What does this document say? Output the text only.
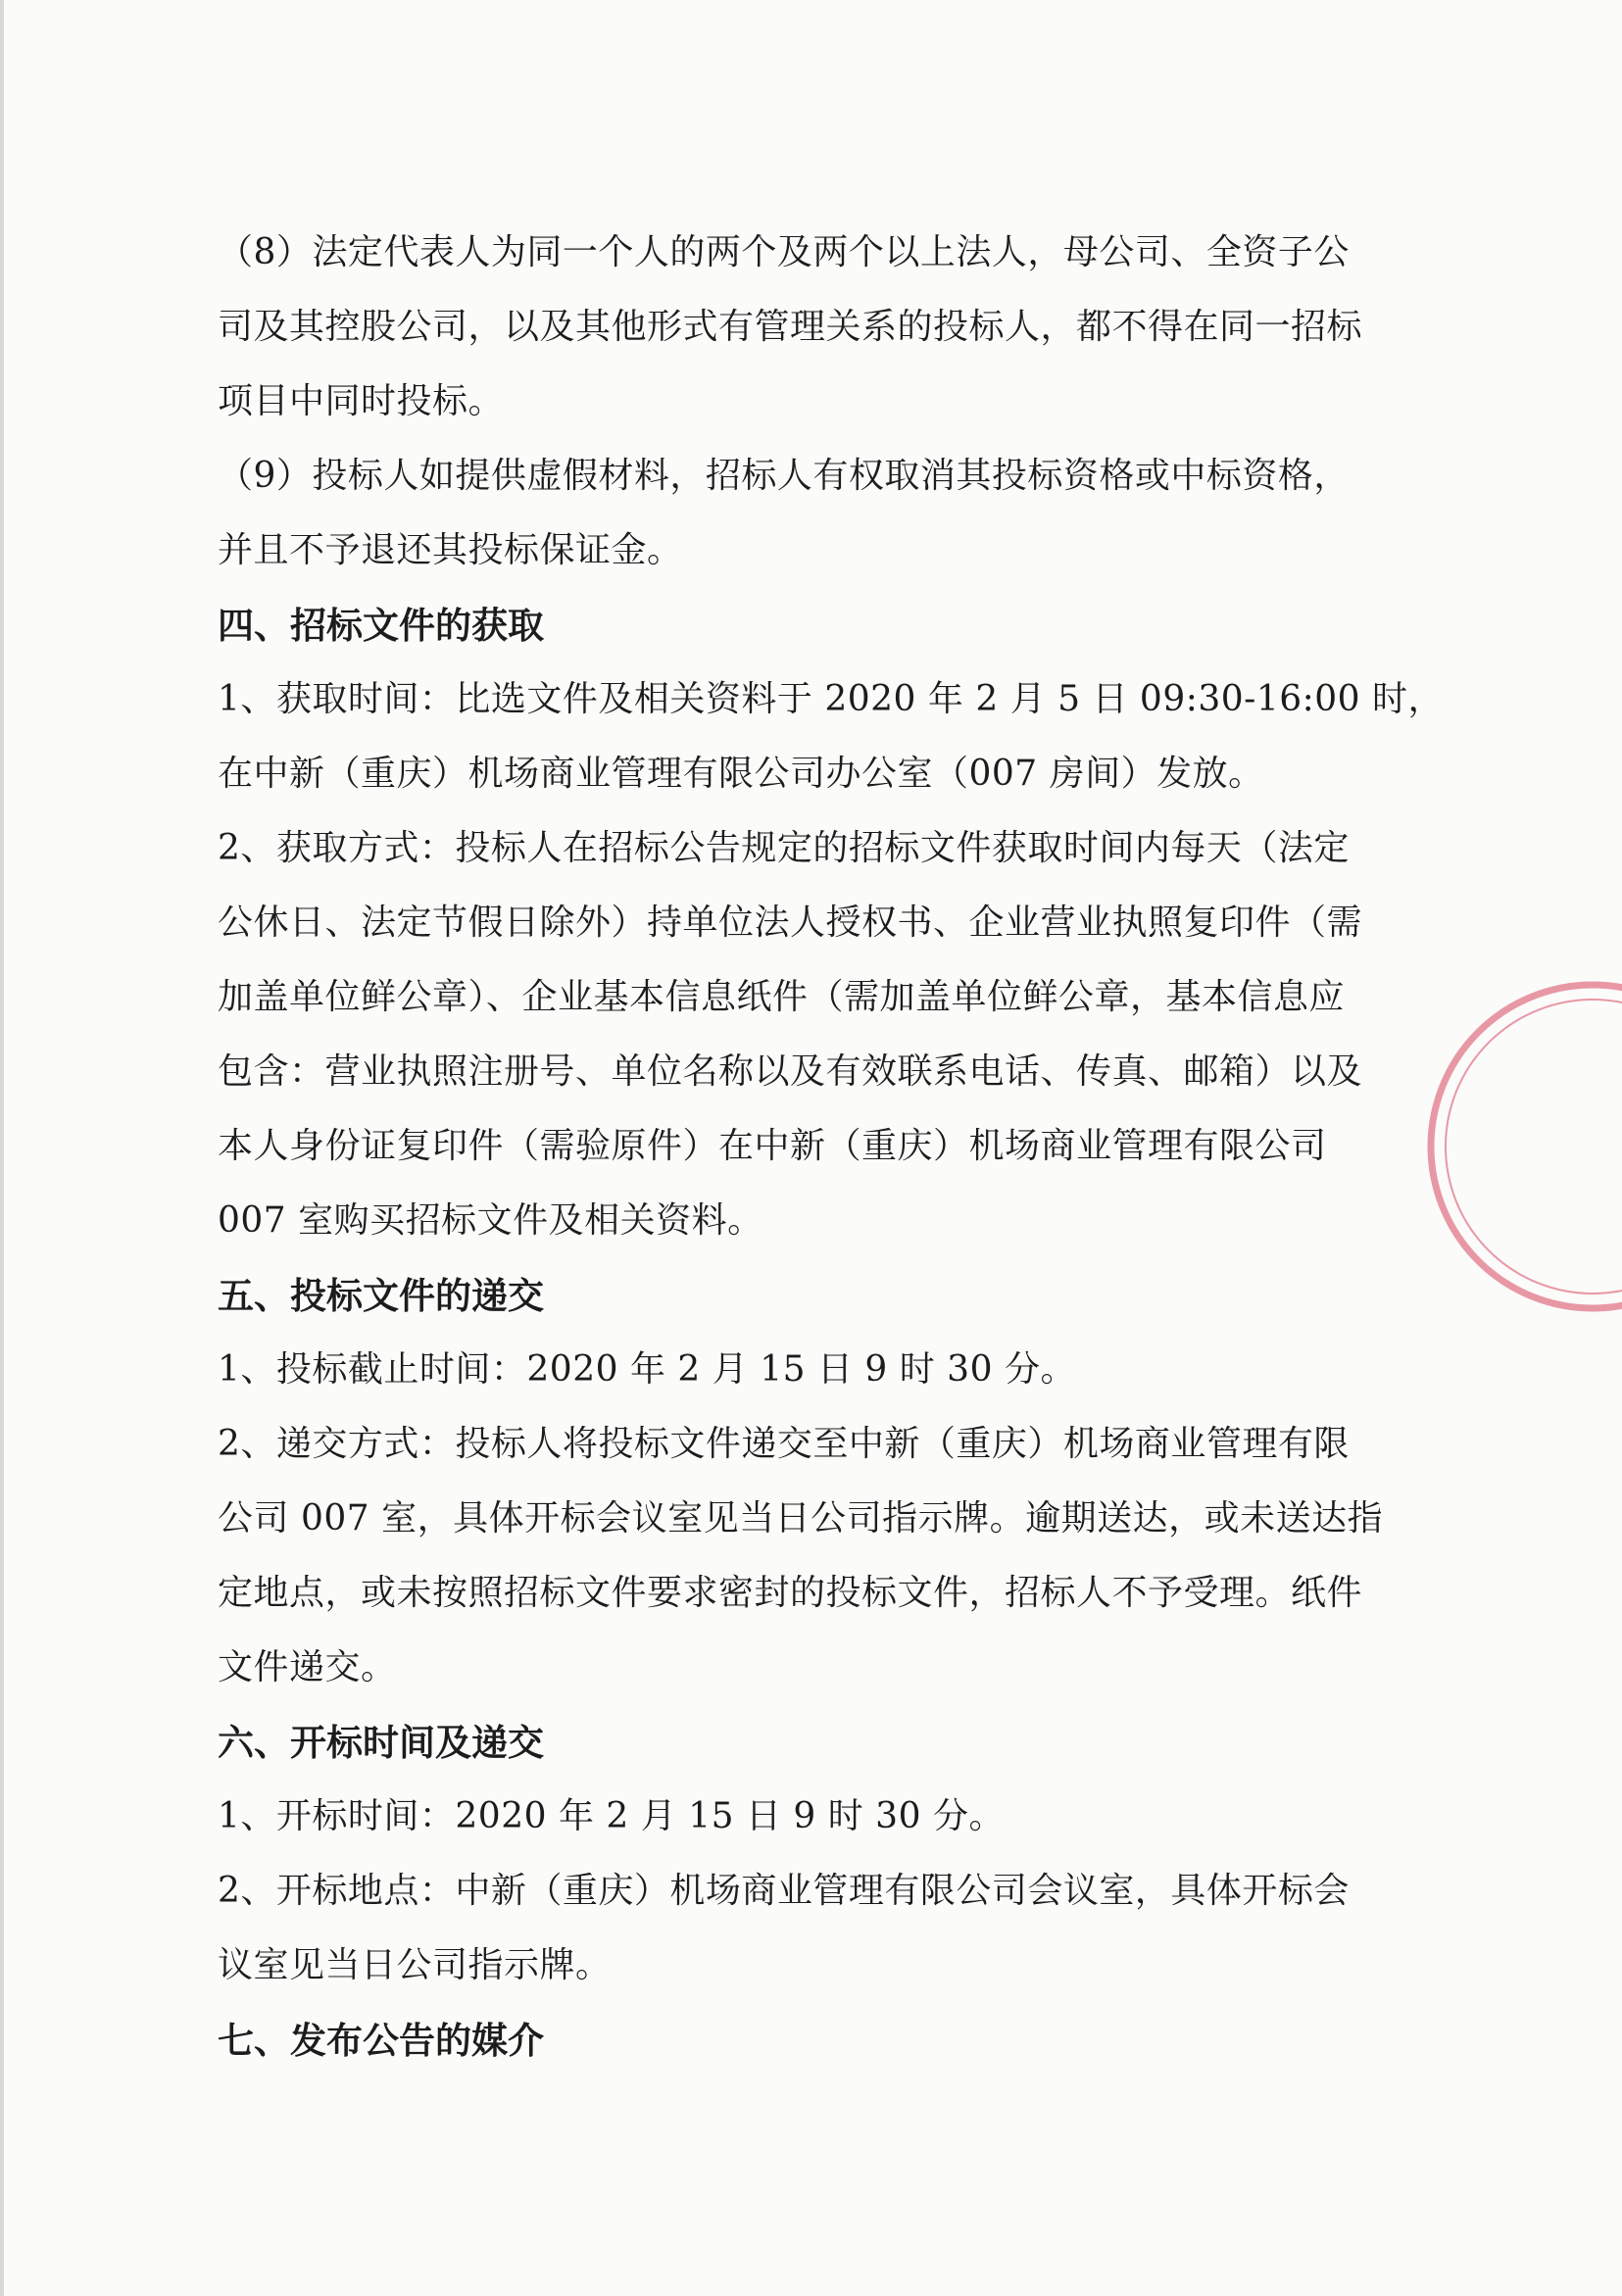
（8）法定代表人为同一个人的两个及两个以上法人，母公司、全资子公
司及其控股公司，以及其他形式有管理关系的投标人，都不得在同一招标
项目中同时投标。
（9）投标人如提供虚假材料，招标人有权取消其投标资格或中标资格，
并且不予退还其投标保证金。
四、招标文件的获取
1、获取时间：比选文件及相关资料于 2020 年 2 月 5 日 09:30-16:00 时，
在中新（重庆）机场商业管理有限公司办公室（007 房间）发放。
2、获取方式：投标人在招标公告规定的招标文件获取时间内每天（法定
公休日、法定节假日除外）持单位法人授权书、企业营业执照复印件（需
加盖单位鲜公章）、企业基本信息纸件（需加盖单位鲜公章，基本信息应
包含：营业执照注册号、单位名称以及有效联系电话、传真、邮箱）以及
本人身份证复印件（需验原件）在中新（重庆）机场商业管理有限公司
007 室购买招标文件及相关资料。
五、投标文件的递交
1、投标截止时间：2020 年 2 月 15 日 9 时 30 分。
2、递交方式：投标人将投标文件递交至中新（重庆）机场商业管理有限
公司 007 室，具体开标会议室见当日公司指示牌。逾期送达，或未送达指
定地点，或未按照招标文件要求密封的投标文件，招标人不予受理。纸件
文件递交。
六、开标时间及递交
1、开标时间：2020 年 2 月 15 日 9 时 30 分。
2、开标地点：中新（重庆）机场商业管理有限公司会议室，具体开标会
议室见当日公司指示牌。
七、发布公告的媒介
